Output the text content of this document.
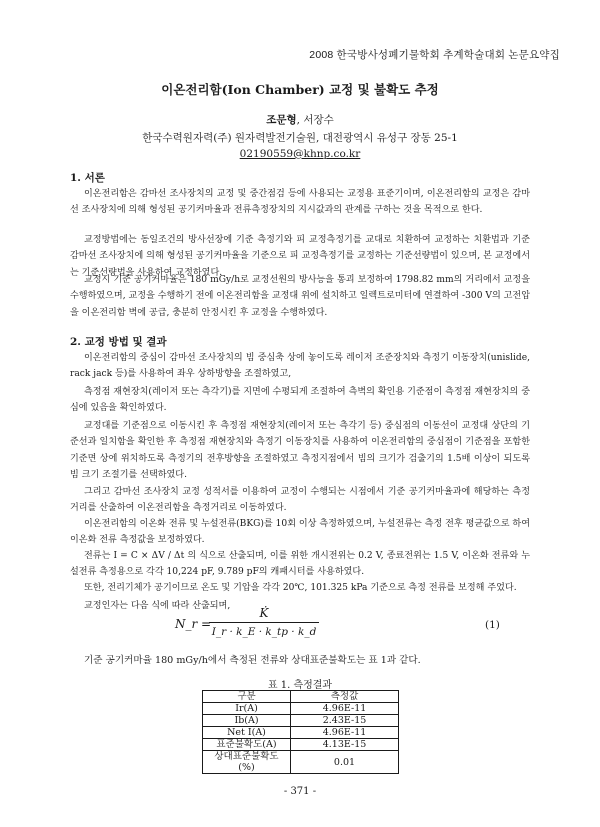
2008 한국방사성폐기물학회 추계학술대회 논문요약집
이온전리함(Ion Chamber) 교정 및 불확도 추정
조문형, 서장수
한국수력원자력(주) 원자력발전기술원, 대전광역시 유성구 장동 25-1
02190559@khnp.co.kr
1. 서론

이온전리함은 감마선 조사장치의 교정 및 중간점검 등에 사용되는 교정용 표준기이며, 이온전리함의 교정은 감마선 조사장치에 의해 형성된 공기커마율과 전류측정장치의 지시값과의 관계를 구하는 것을 목적으로 한다.

교정방법에는 동일조건의 방사선장에 기준 측정기와 피 교정측정기를 교대로 치환하여 교정하는 치환법과 기준 감마선 조사장치에 의해 형성된 공기커마율을 기준으로 피 교정측정기를 교정하는 기준선량법이 있으며, 본 교정에서는 기준선량법을 사용하여 교정하였다.

교정시 기준 공기커마율은 180 mGy/h로 교정선원의 방사능을 통괴 보정하여 1798.82 mm의 거리에서 교정을 수행하였으며, 교정을 수행하기 전에 이온전리함을 교정대 위에 설치하고 일렉트로미터에 연결하여 -300 V의 고전압을 이온전리함 벽에 공급, 충분히 안정시킨 후 교정을 수행하였다.

2. 교정 방법 및 결과

이온전리함의 중심이 감마선 조사장치의 빔 중심축 상에 놓이도록 레이저 조준장치와 측정기 이동장치(unislide, rack jack 등)를 사용하여 좌우 상하방향을 조절하였고,

측정점 재현장치(레이저 또는 측각기)를 지면에 수평되게 조절하여 측벽의 확인용 기준점이 측정점 재현장치의 중심에 있음을 확인하였다.

교정대를 기준점으로 이동시킨 후 측정점 재현장치(레이저 또는 측각기 등) 중심점의 이동선이 교정대 상단의 기준선과 일치함을 확인한 후 측정점 재현장치와 측정기 이동장치를 사용하여 이온전리함의 중심점이 기준점을 포함한 기준면 상에 위치하도록 측정기의 전후방향을 조절하였고 측정지점에서 빔의 크기가 검출기의 1.5배 이상이 되도록 빔 크기 조절기를 선택하였다.

그리고 감마선 조사장치 교정 성적서를 이용하여 교정이 수행되는 시점에서 기준 공기커마율과에 해당하는 측정거리를 산출하여 이온전리함을 측정거리로 이동하였다.

이온전리함의 이온화 전류 및 누설전류(BKG)를 10회 이상 측정하였으며, 누설전류는 측정 전후 평균값으로 하여 이온화 전류 측정값을 보정하였다.

전류는 I = C × ΔV / Δt 의 식으로 산출되며, 이를 위한 개시전위는 0.2 V, 종료전위는 1.5 V, 이온화 전류와 누설전류 측정용으로 각각 10,224 pF, 9.789 pF의 캐패시터를 사용하였다.

또한, 전리기체가 공기이므로 온도 및 기압을 각각 20℃, 101.325 kPa 기준으로 측정 전류를 보정해 주었다.

교정인자는 다음 식에 따라 산출되며,

N_r =
K̇
I_r · k_E · k_tp · k_d
(1)
- 371 -

기준 공기커마율 180 mGy/h에서 측정된 전류와 상대표준불확도는 표 1과 같다.

표 1. 측정결과
구분	측정값
Ir(A)	4.96E-11
Ib(A)	2.43E-15
Net I(A)	4.96E-11
표준불확도(A)	4.13E-15
상대표준불확도(%)	0.01
